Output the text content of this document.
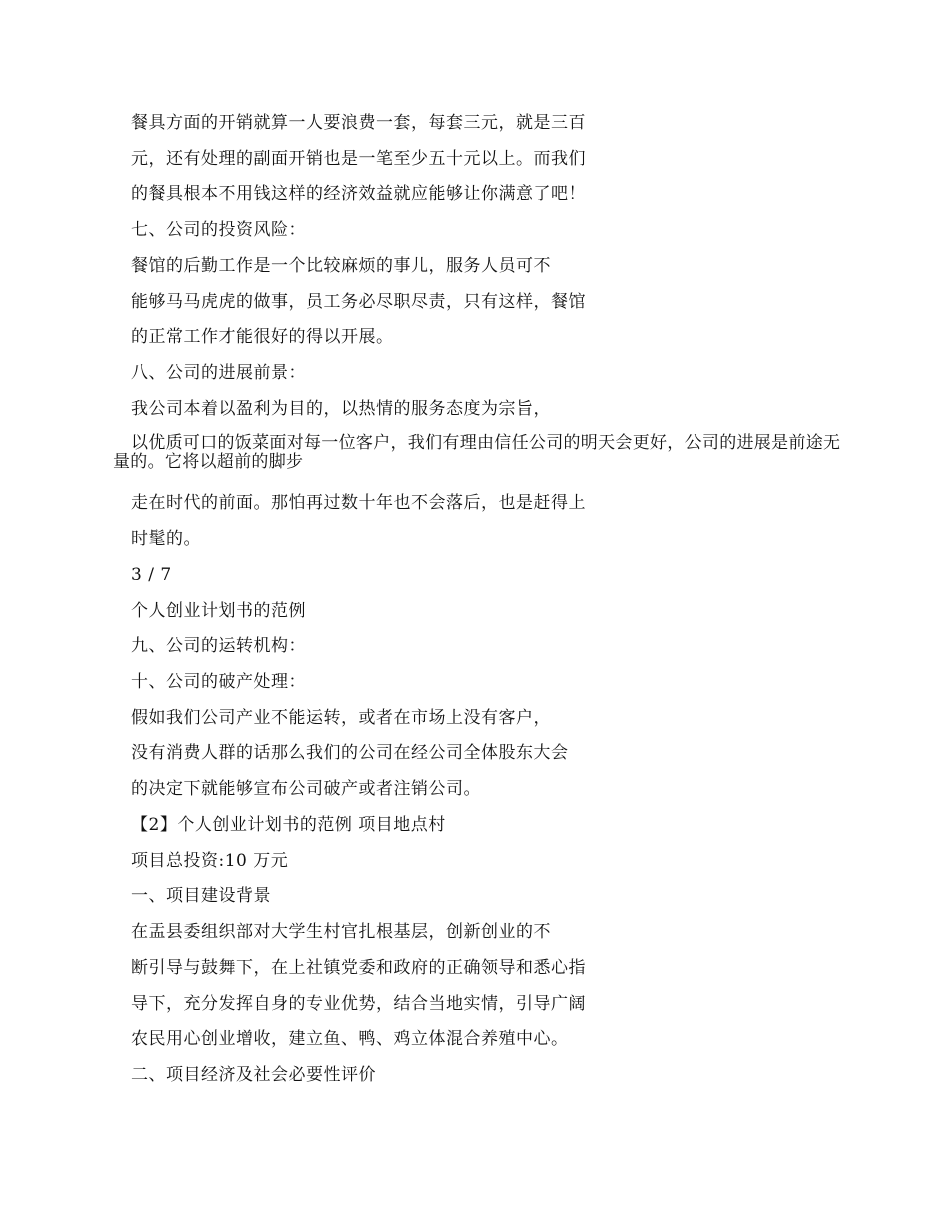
餐具方面的开销就算一人要浪费一套，每套三元，就是三百
元，还有处理的副面开销也是一笔至少五十元以上。而我们
的餐具根本不用钱这样的经济效益就应能够让你满意了吧！
七、公司的投资风险：
餐馆的后勤工作是一个比较麻烦的事儿，服务人员可不
能够马马虎虎的做事，员工务必尽职尽责，只有这样，餐馆
的正常工作才能很好的得以开展。
八、公司的进展前景：
我公司本着以盈利为目的，以热情的服务态度为宗旨，
以优质可口的饭菜面对每一位客户，我们有理由信任公司的明天会更好，公司的进展是前途无量的。它将以超前的脚步
走在时代的前面。那怕再过数十年也不会落后，也是赶得上
时髦的。
3 / 7
个人创业计划书的范例
九、公司的运转机构：
十、公司的破产处理：
假如我们公司产业不能运转，或者在市场上没有客户，
没有消费人群的话那么我们的公司在经公司全体股东大会
的决定下就能够宣布公司破产或者注销公司。
【2】个人创业计划书的范例 项目地点村
项目总投资:10 万元
一、项目建设背景
在盂县委组织部对大学生村官扎根基层，创新创业的不
断引导与鼓舞下，在上社镇党委和政府的正确领导和悉心指
导下，充分发挥自身的专业优势，结合当地实情，引导广阔
农民用心创业增收，建立鱼、鸭、鸡立体混合养殖中心。
二、项目经济及社会必要性评价
